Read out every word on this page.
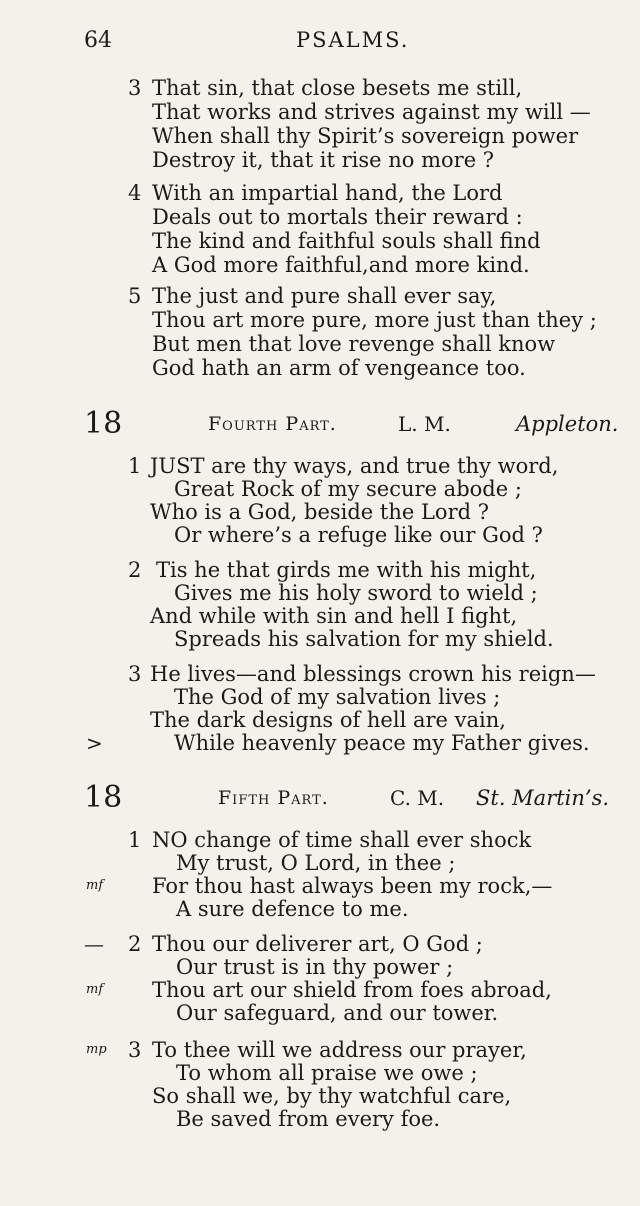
64	PSALMS.
3 That sin, that close besets me still,
That works and strives against my will —
When shall thy Spirit’s sovereign power
Destroy it, that it rise no more ?
4 With an impartial hand, the Lord
Deals out to mortals their reward :
The kind and faithful souls shall find
A God more faithful,and more kind.
5 The just and pure shall ever say,
Thou art more pure, more just than they ;
But men that love revenge shall know
God hath an arm of vengeance too.
18	Fourth Part.	L. M.	Appleton.
1 JUST are thy ways, and true thy word,
Great Rock of my secure abode ;
Who is a God, beside the Lord ?
Or where’s a refuge like our God ?
2 Tis he that girds me with his might,
Gives me his holy sword to wield ;
And while with sin and hell I fight,
Spreads his salvation for my shield.
3 He lives—and blessings crown his reign—
The God of my salvation lives ;
The dark designs of hell are vain,
>	While heavenly peace my Father gives.
18	Fifth Part.	C. M. St. Martin’s.
1 NO change of time shall ever shock
My trust, O Lord, in thee ;
mf For thou hast always been my rock,—
A sure defence to me.
— 2 Thou our deliverer art, O God ;
Our trust is in thy power ;
mf Thou art our shield from foes abroad,
Our safeguard, and our tower.
mp 3 To thee will we address our prayer,
To whom all praise we owe ;
So shall we, by thy watchful care,
Be saved from every foe.
